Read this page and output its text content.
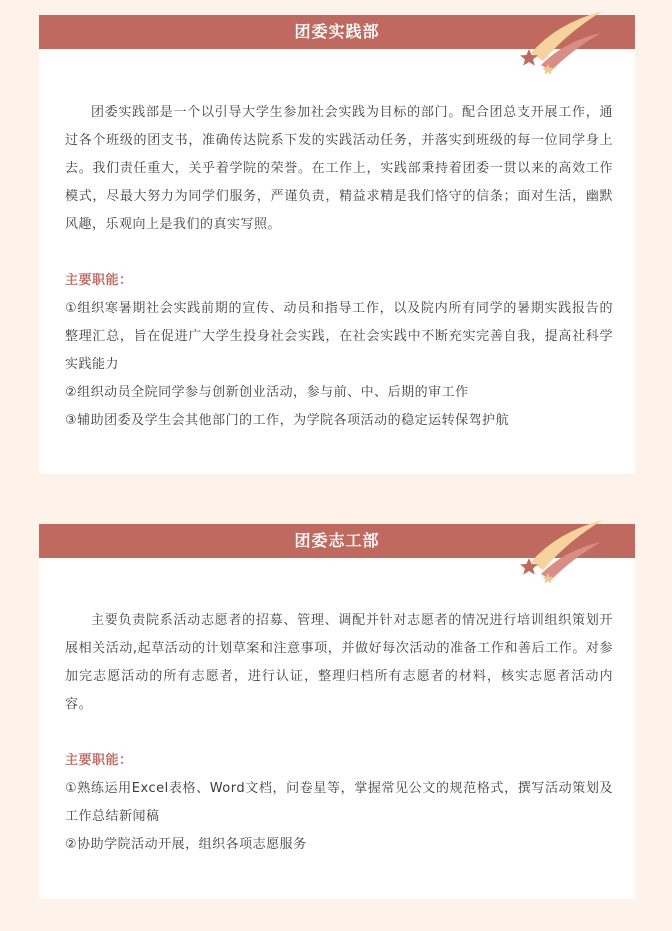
团委实践部

团委实践部是一个以引导大学生参加社会实践为目标的部门。配合团总支开展工作，通过各个班级的团支书，准确传达院系下发的实践活动任务，并落实到班级的每一位同学身上去。我们责任重大，关乎着学院的荣誉。在工作上，实践部秉持着团委一贯以来的高效工作模式，尽最大努力为同学们服务，严谨负责，精益求精是我们恪守的信条；面对生活，幽默风趣，乐观向上是我们的真实写照。

主要职能：

①组织寒暑期社会实践前期的宣传、动员和指导工作，以及院内所有同学的暑期实践报告的整理汇总，旨在促进广大学生投身社会实践，在社会实践中不断充实完善自我，提高社科学实践能力

②组织动员全院同学参与创新创业活动，参与前、中、后期的审工作

③辅助团委及学生会其他部门的工作，为学院各项活动的稳定运转保驾护航

团委志工部

主要负责院系活动志愿者的招募、管理、调配并针对志愿者的情况进行培训组织策划开展相关活动,起草活动的计划草案和注意事项，并做好每次活动的准备工作和善后工作。对参加完志愿活动的所有志愿者，进行认证，整理归档所有志愿者的材料，核实志愿者活动内容。

主要职能：

①熟练运用Excel表格、Word文档，问卷星等，掌握常见公文的规范格式，撰写活动策划及工作总结新闻稿

②协助学院活动开展，组织各项志愿服务
